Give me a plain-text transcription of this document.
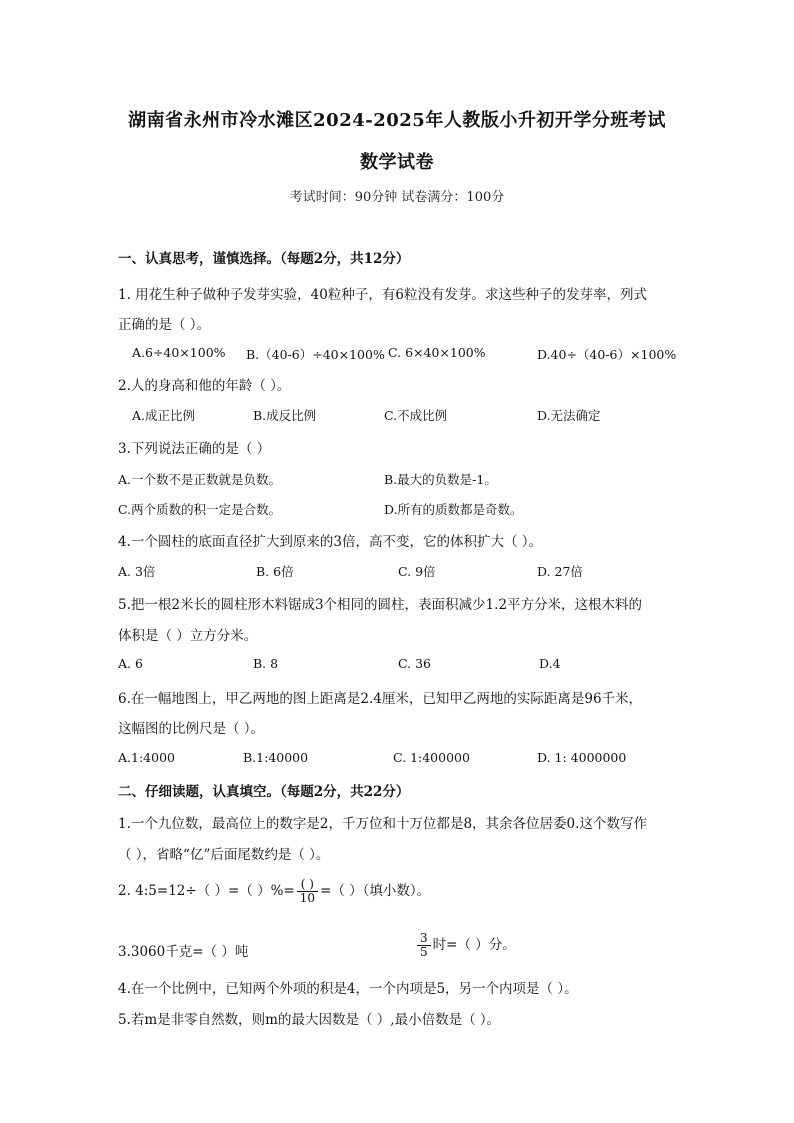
湖南省永州市冷水滩区2024-2025年人教版小升初开学分班考试
数学试卷
考试时间：90分钟 试卷满分：100分
一、认真思考，谨慎选择。（每题2分，共12分）
1. 用花生种子做种子发芽实验，40粒种子，有6粒没有发芽。求这些种子的发芽率，列式
正确的是（ ）。
A.6÷40×100% B.（40-6）÷40×100% C. 6×40×100%	D.40÷（40-6）×100%
2.人的身高和他的年龄（ ）。
A.成正比例	B.成反比例	C.不成比例	D.无法确定
3.下列说法正确的是（ ）
A.一个数不是正数就是负数。	B.最大的负数是-1。
C.两个质数的积一定是合数。	D.所有的质数都是奇数。
4.一个圆柱的底面直径扩大到原来的3倍，高不变，它的体积扩大（ ）。
A. 3倍	B. 6倍	C. 9倍	D. 27倍
5.把一根2米长的圆柱形木料锯成3个相同的圆柱，表面积减少1.2平方分米，这根木料的
体积是（ ）立方分米。
A. 6	B. 8	C. 36	D.4
6.在一幅地图上，甲乙两地的图上距离是2.4厘米，已知甲乙两地的实际距离是96千米，
这幅图的比例尺是（ ）。
A.1:4000	B.1:40000	C. 1:400000	D. 1: 4000000
二、仔细读题，认真填空。（每题2分，共22分）
1.一个九位数，最高位上的数字是2，千万位和十万位都是8，其余各位居委0.这个数写作
（ ），省略“亿”后面尾数约是（ ）。
2. 4:5=12÷（ ）=（ ）%= $\frac{( )}{10}$ =（ ）（填小数）。
3.3060千克=（ ）吨	$\frac{3}{5}$ 时=（ ）分。
4.在一个比例中，已知两个外项的积是4，一个内项是5，另一个内项是（ ）。
5.若m是非零自然数，则m的最大因数是（ ）,最小倍数是（ ）。
